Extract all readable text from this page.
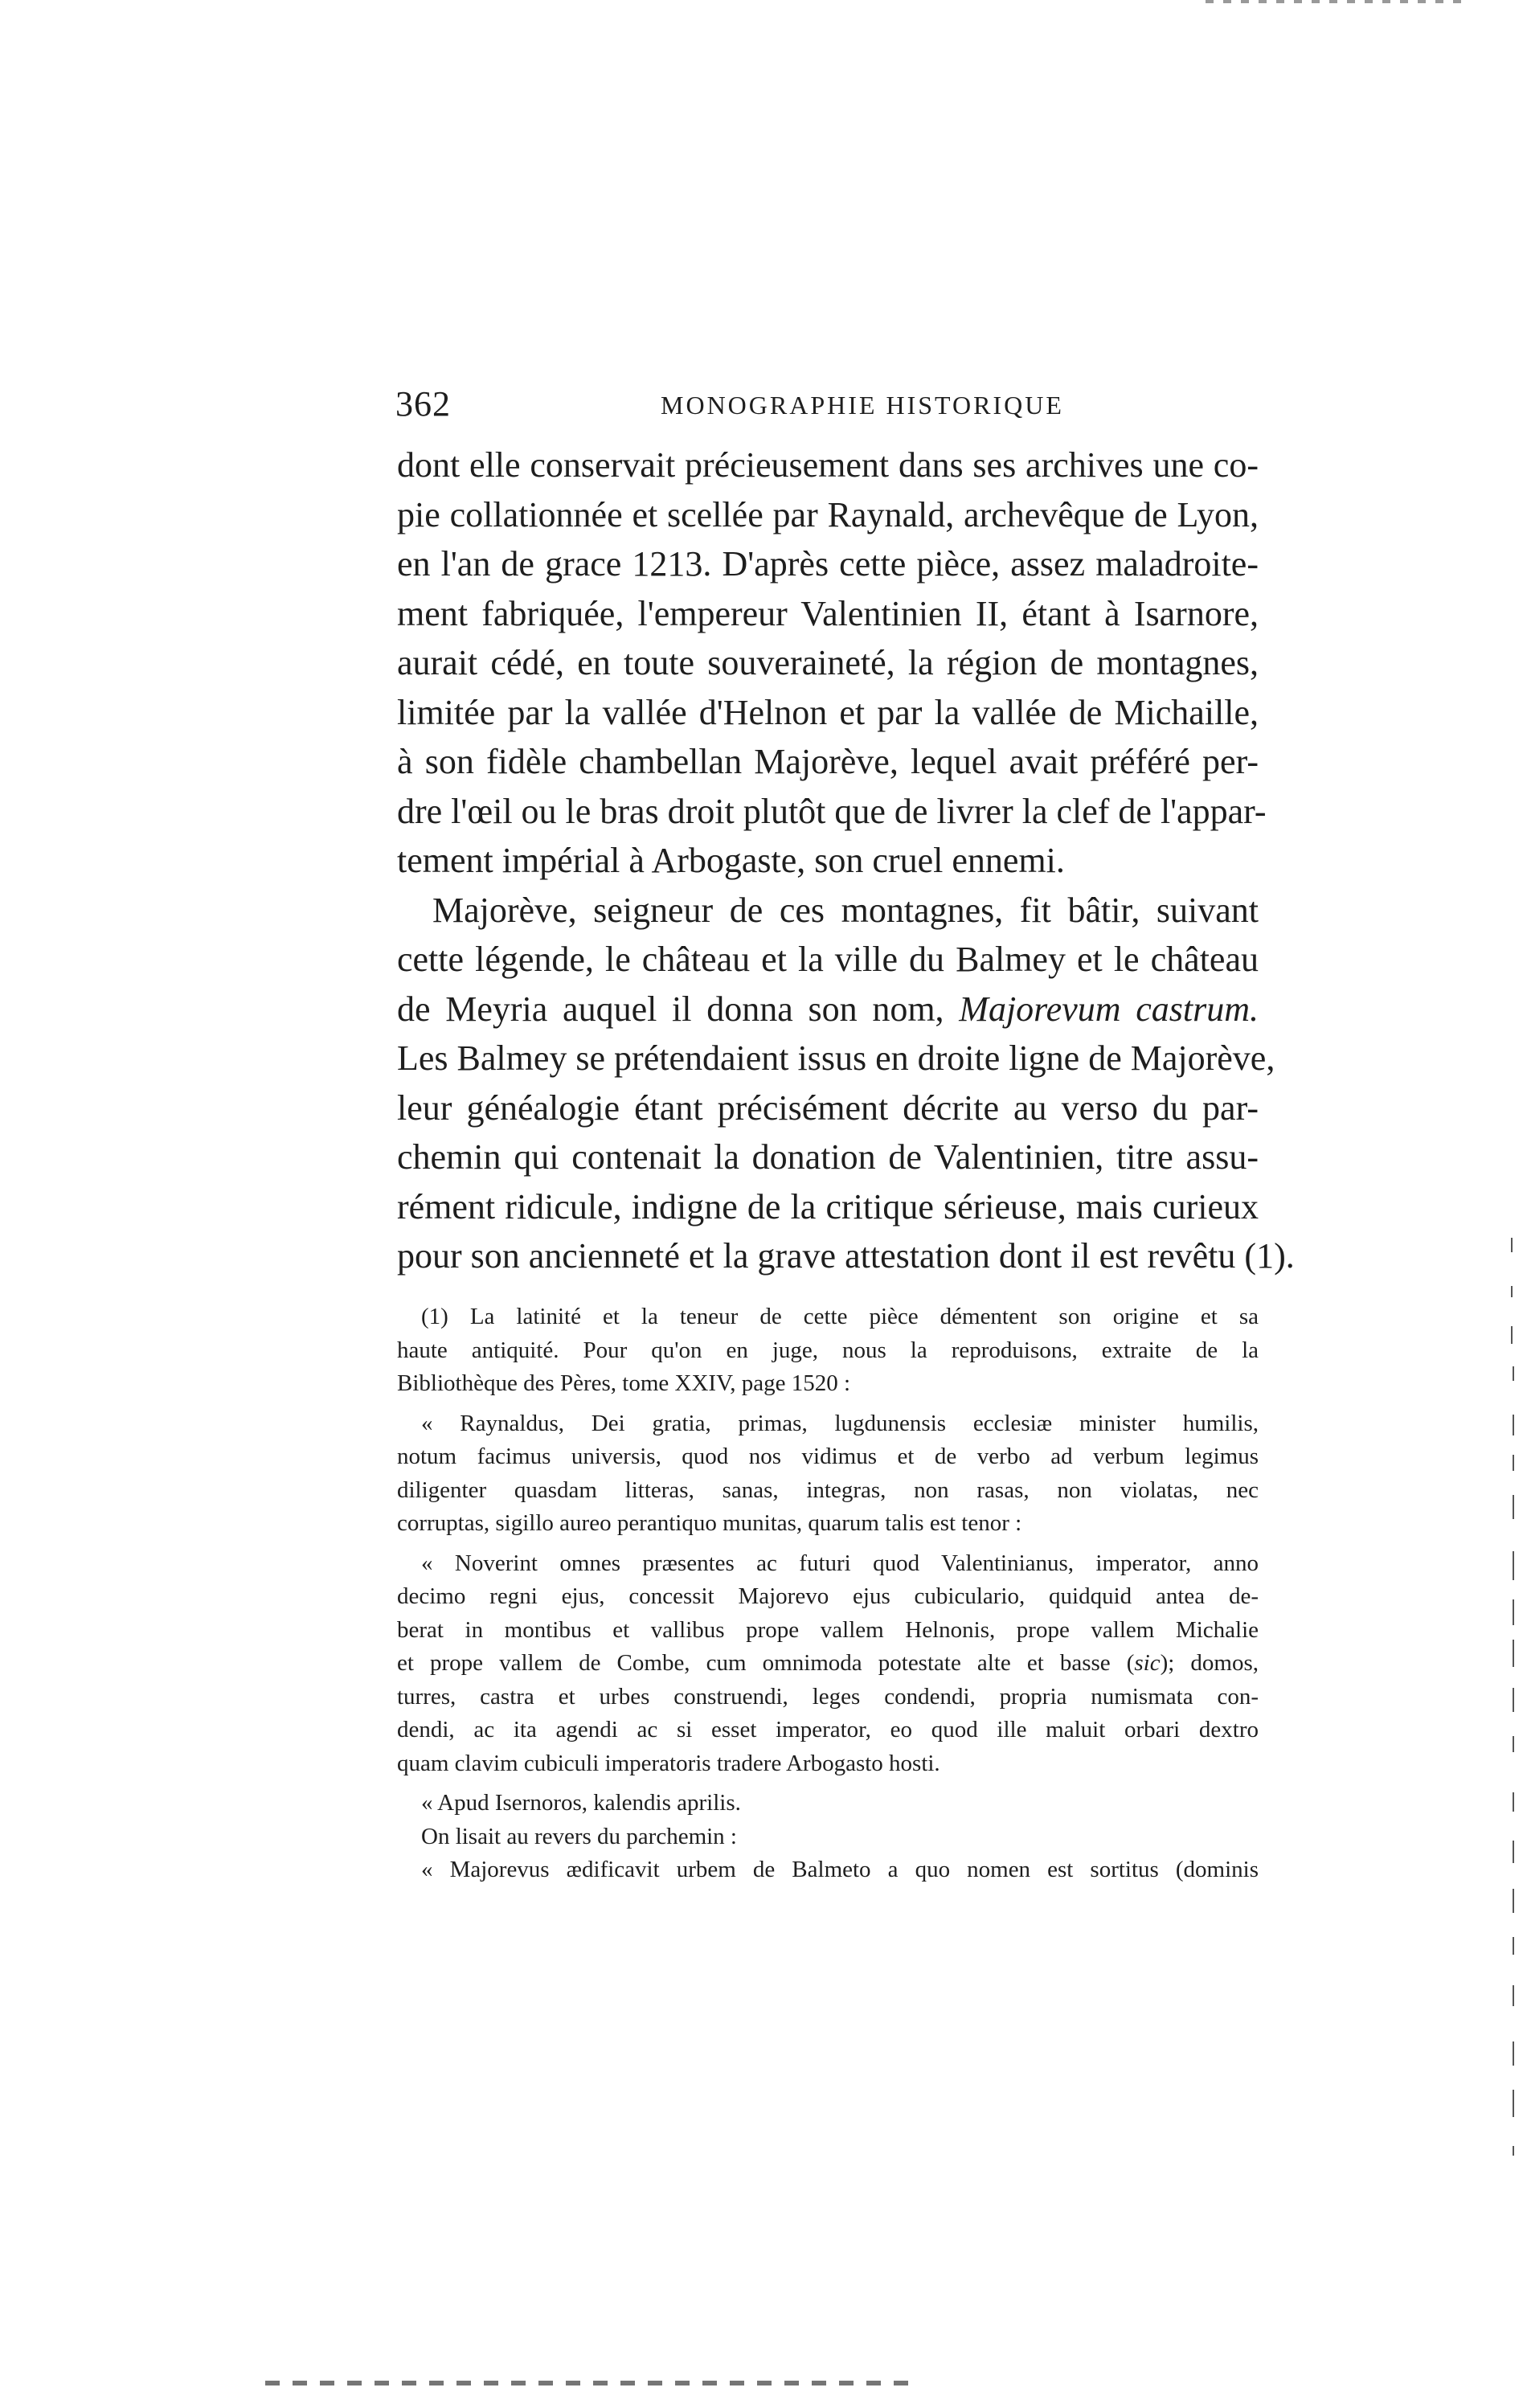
362	MONOGRAPHIE HISTORIQUE
dont elle conservait précieusement dans ses archives une co-
pie collationnée et scellée par Raynald, archevêque de Lyon,
en l'an de grace 1213. D'après cette pièce, assez maladroite-
ment fabriquée, l'empereur Valentinien II, étant à Isarnore,
aurait cédé, en toute souveraineté, la région de montagnes,
limitée par la vallée d'Helnon et par la vallée de Michaille,
à son fidèle chambellan Majorève, lequel avait préféré per-
dre l'œil ou le bras droit plutôt que de livrer la clef de l'appar-
tement impérial à Arbogaste, son cruel ennemi.
Majorève, seigneur de ces montagnes, fit bâtir, suivant
cette légende, le château et la ville du Balmey et le château
de Meyria auquel il donna son nom, Majorevum castrum.
Les Balmey se prétendaient issus en droite ligne de Majorève,
leur généalogie étant précisément décrite au verso du par-
chemin qui contenait la donation de Valentinien, titre assu-
rément ridicule, indigne de la critique sérieuse, mais curieux
pour son ancienneté et la grave attestation dont il est revêtu (1).
(1) La latinité et la teneur de cette pièce démentent son origine et sa
haute antiquité. Pour qu'on en juge, nous la reproduisons, extraite de la
Bibliothèque des Pères, tome XXIV, page 1520 :
« Raynaldus, Dei gratia, primas, lugdunensis ecclesiæ minister humilis,
notum facimus universis, quod nos vidimus et de verbo ad verbum legimus
diligenter quasdam litteras, sanas, integras, non rasas, non violatas, nec
corruptas, sigillo aureo perantiquo munitas, quarum talis est tenor :
« Noverint omnes præsentes ac futuri quod Valentinianus, imperator, anno
decimo regni ejus, concessit Majorevo ejus cubiculario, quidquid antea de-
berat in montibus et vallibus prope vallem Helnonis, prope vallem Michalie
et prope vallem de Combe, cum omnimoda potestate alte et basse (sic); domos,
turres, castra et urbes construendi, leges condendi, propria numismata con-
dendi, ac ita agendi ac si esset imperator, eo quod ille maluit orbari dextro
quam clavim cubiculi imperatoris tradere Arbogasto hosti.
« Apud Isernoros, kalendis aprilis.
On lisait au revers du parchemin :
« Majorevus ædificavit urbem de Balmeto a quo nomen est sortitus (dominis
